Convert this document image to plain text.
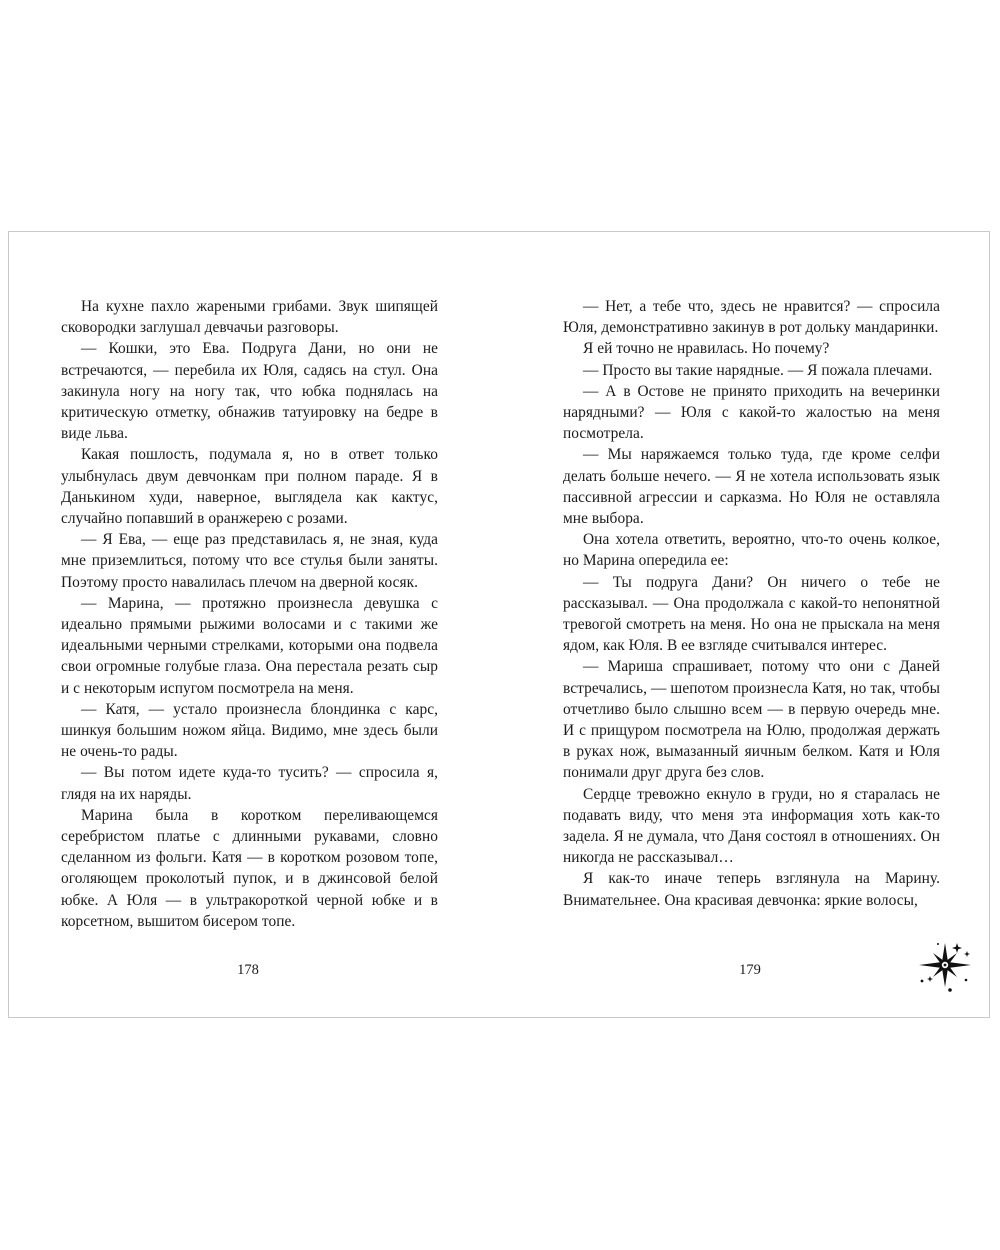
На кухне пахло жареными грибами. Звук шипящей сковородки заглушал девчачьи разговоры.

— Кошки, это Ева. Подруга Дани, но они не встречаются, — перебила их Юля, садясь на стул. Она закинула ногу на ногу так, что юбка поднялась на критическую отметку, обнажив татуировку на бедре в виде льва.

Какая пошлость, подумала я, но в ответ только улыбнулась двум девчонкам при полном параде. Я в Данькином худи, наверное, выглядела как кактус, случайно попавший в оранжерею с розами.

— Я Ева, — еще раз представилась я, не зная, куда мне приземлиться, потому что все стулья были заняты. Поэтому просто навалилась плечом на дверной косяк.

— Марина, — протяжно произнесла девушка с идеально прямыми рыжими волосами и с такими же идеальными черными стрелками, которыми она подвела свои огромные голубые глаза. Она перестала резать сыр и с некоторым испугом посмотрела на меня.

— Катя, — устало произнесла блондинка с карс, шинкуя большим ножом яйца. Видимо, мне здесь были не очень-то рады.

— Вы потом идете куда-то тусить? — спросила я, глядя на их наряды.

Марина была в коротком переливающемся серебристом платье с длинными рукавами, словно сделанном из фольги. Катя — в коротком розовом топе, оголяющем проколотый пупок, и в джинсовой белой юбке. А Юля — в ультракороткой черной юбке и в корсетном, вышитом бисером топе.

178

— Нет, а тебе что, здесь не нравится? — спросила Юля, демонстративно закинув в рот дольку мандаринки.

Я ей точно не нравилась. Но почему?

— Просто вы такие нарядные. — Я пожала плечами.

— А в Остове не принято приходить на вечеринки нарядными? — Юля с какой-то жалостью на меня посмотрела.

— Мы наряжаемся только туда, где кроме селфи делать больше нечего. — Я не хотела использовать язык пассивной агрессии и сарказма. Но Юля не оставляла мне выбора.

Она хотела ответить, вероятно, что-то очень колкое, но Марина опередила ее:

— Ты подруга Дани? Он ничего о тебе не рассказывал. — Она продолжала с какой-то непонятной тревогой смотреть на меня. Но она не прыскала на меня ядом, как Юля. В ее взгляде считывался интерес.

— Мариша спрашивает, потому что они с Даней встречались, — шепотом произнесла Катя, но так, чтобы отчетливо было слышно всем — в первую очередь мне. И с прищуром посмотрела на Юлю, продолжая держать в руках нож, вымазанный яичным белком. Катя и Юля понимали друг друга без слов.

Сердце тревожно екнуло в груди, но я старалась не подавать виду, что меня эта информация хоть как-то задела. Я не думала, что Даня состоял в отношениях. Он никогда не рассказывал…

Я как-то иначе теперь взглянула на Марину. Внимательнее. Она красивая девчонка: яркие волосы,

179
